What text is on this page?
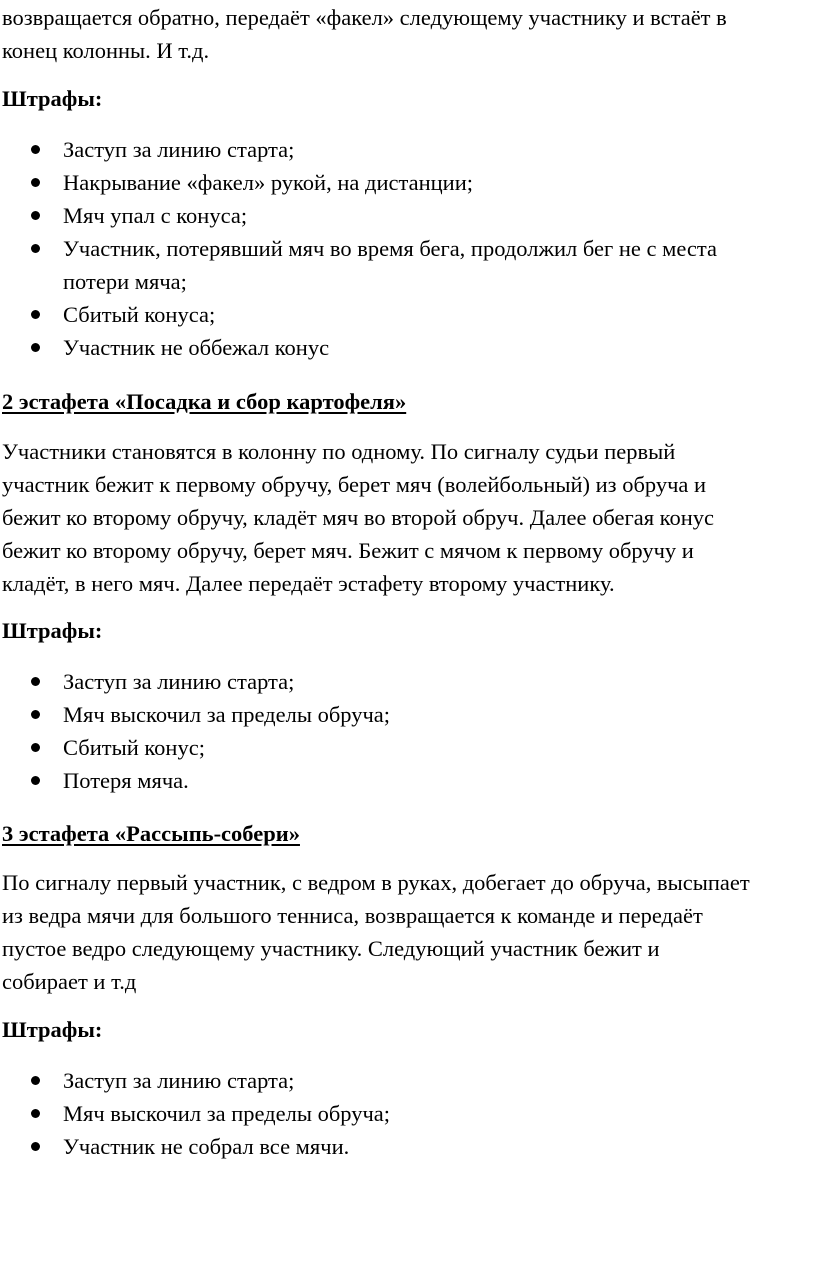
возвращается обратно, передаёт «факел» следующему участнику и встаёт в
конец колонны. И т.д.

Штрафы:

Заступ за линию старта;
Накрывание «факел» рукой, на дистанции;
Мяч упал с конуса;
Участник, потерявший мяч во время бега, продолжил бег не с места
потери мяча;
Сбитый конуса;
Участник не оббежал конус

2 эстафета «Посадка и сбор картофеля»

Участники становятся в колонну по одному. По сигналу судьи первый
участник бежит к первому обручу, берет мяч (волейбольный) из обруча и
бежит ко второму обручу, кладёт мяч во второй обруч. Далее обегая конус
бежит ко второму обручу, берет мяч. Бежит с мячом к первому обручу и
кладёт, в него мяч. Далее передаёт эстафету второму участнику.

Штрафы:

Заступ за линию старта;
Мяч выскочил за пределы обруча;
Сбитый конус;
Потеря мяча.

3 эстафета «Рассыпь-собери»

По сигналу первый участник, с ведром в руках, добегает до обруча, высыпает
из ведра мячи для большого тенниса, возвращается к команде и передаёт
пустое ведро следующему участнику. Следующий участник бежит и
собирает и т.д

Штрафы:

Заступ за линию старта;
Мяч выскочил за пределы обруча;
Участник не собрал все мячи.
